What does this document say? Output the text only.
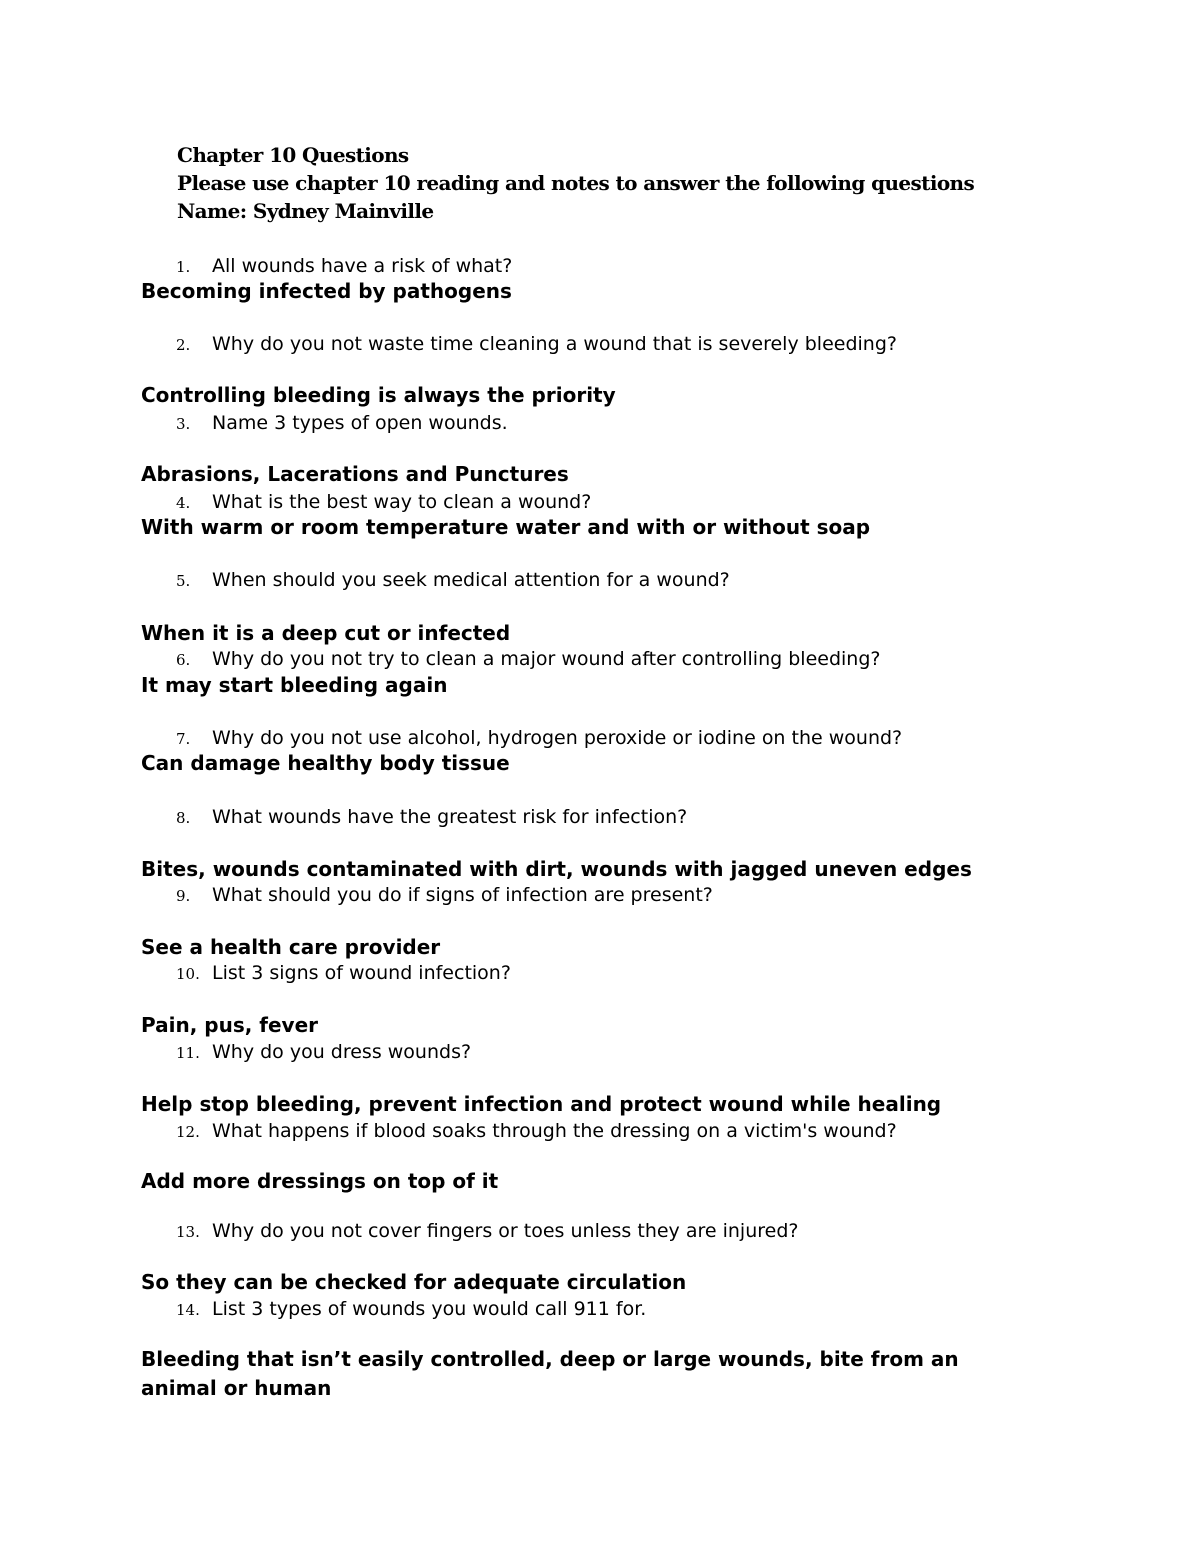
Chapter 10 Questions
Please use chapter 10 reading and notes to answer the following questions
Name: Sydney Mainville
1. All wounds have a risk of what?
Becoming infected by pathogens
2. Why do you not waste time cleaning a wound that is severely bleeding?
Controlling bleeding is always the priority
3. Name 3 types of open wounds.
Abrasions, Lacerations and Punctures
4. What is the best way to clean a wound?
With warm or room temperature water and with or without soap
5. When should you seek medical attention for a wound?
When it is a deep cut or infected
6. Why do you not try to clean a major wound after controlling bleeding?
It may start bleeding again
7. Why do you not use alcohol, hydrogen peroxide or iodine on the wound?
Can damage healthy body tissue
8. What wounds have the greatest risk for infection?
Bites, wounds contaminated with dirt, wounds with jagged uneven edges
9. What should you do if signs of infection are present?
See a health care provider
10. List 3 signs of wound infection?
Pain, pus, fever
11. Why do you dress wounds?
Help stop bleeding, prevent infection and protect wound while healing
12. What happens if blood soaks through the dressing on a victim's wound?
Add more dressings on top of it
13. Why do you not cover fingers or toes unless they are injured?
So they can be checked for adequate circulation
14. List 3 types of wounds you would call 911 for.
Bleeding that isn’t easily controlled, deep or large wounds, bite from an animal or human
